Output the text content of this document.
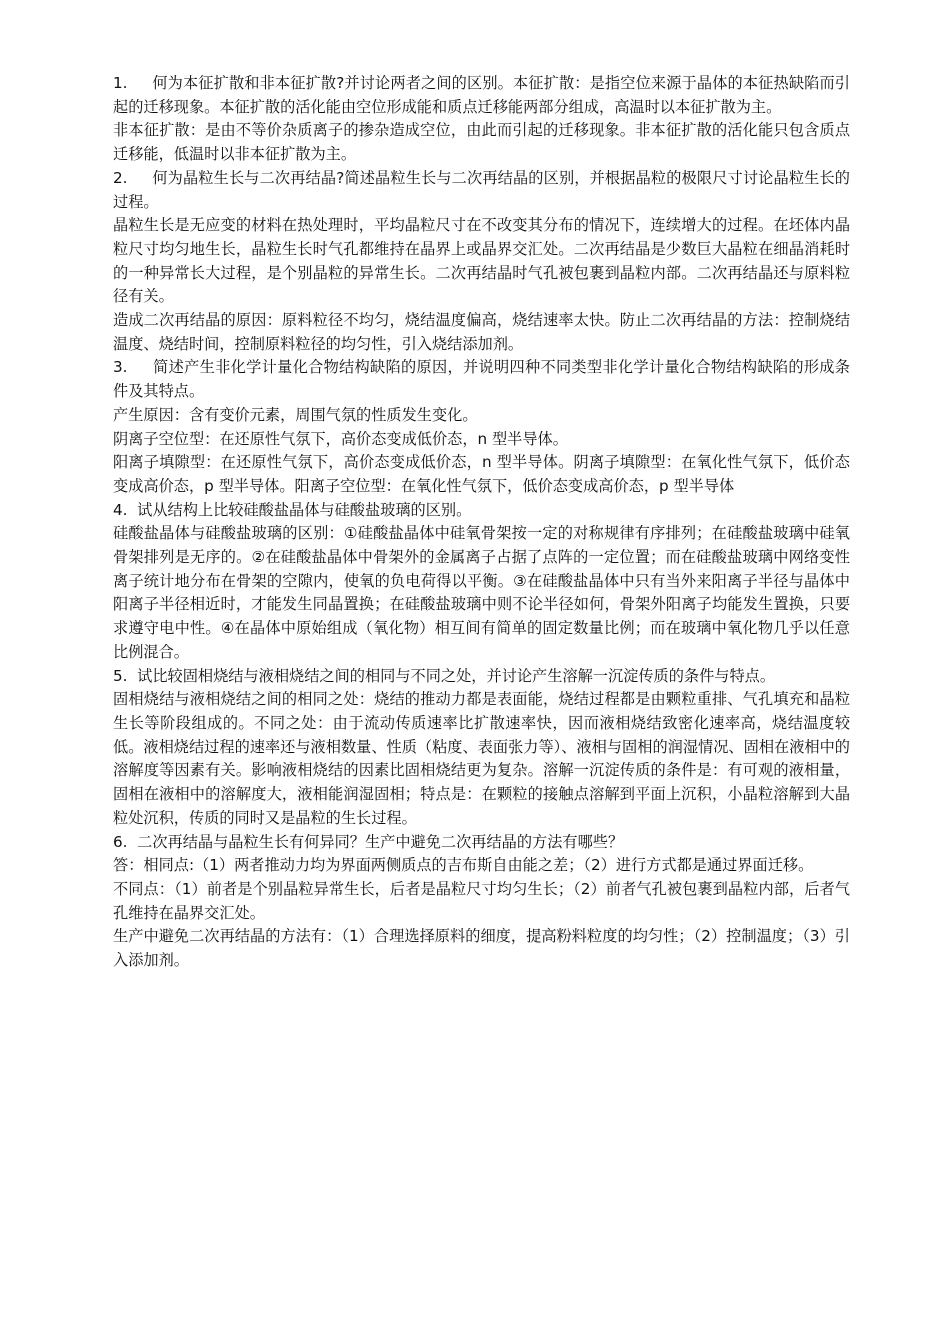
1.     何为本征扩散和非本征扩散?并讨论两者之间的区别。本征扩散：是指空位来源于晶体的本征热缺陷而引起的迁移现象。本征扩散的活化能由空位形成能和质点迁移能两部分组成，高温时以本征扩散为主。

非本征扩散：是由不等价杂质离子的掺杂造成空位，由此而引起的迁移现象。非本征扩散的活化能只包含质点迁移能，低温时以非本征扩散为主。

2.     何为晶粒生长与二次再结晶?简述晶粒生长与二次再结晶的区别，并根据晶粒的极限尺寸讨论晶粒生长的过程。

晶粒生长是无应变的材料在热处理时，平均晶粒尺寸在不改变其分布的情况下，连续增大的过程。在坯体内晶粒尺寸均匀地生长，晶粒生长时气孔都维持在晶界上或晶界交汇处。二次再结晶是少数巨大晶粒在细晶消耗时的一种异常长大过程，是个别晶粒的异常生长。二次再结晶时气孔被包裹到晶粒内部。二次再结晶还与原料粒径有关。

造成二次再结晶的原因：原料粒径不均匀，烧结温度偏高，烧结速率太快。防止二次再结晶的方法：控制烧结温度、烧结时间，控制原料粒径的均匀性，引入烧结添加剂。

3.     简述产生非化学计量化合物结构缺陷的原因，并说明四种不同类型非化学计量化合物结构缺陷的形成条件及其特点。

产生原因：含有变价元素，周围气氛的性质发生变化。

阴离子空位型：在还原性气氛下，高价态变成低价态，n 型半导体。

阳离子填隙型：在还原性气氛下，高价态变成低价态，n 型半导体。阴离子填隙型：在氧化性气氛下，低价态变成高价态，p 型半导体。阳离子空位型：在氧化性气氛下，低价态变成高价态，p 型半导体

4.  试从结构上比较硅酸盐晶体与硅酸盐玻璃的区别。

硅酸盐晶体与硅酸盐玻璃的区别：①硅酸盐晶体中硅氧骨架按一定的对称规律有序排列；在硅酸盐玻璃中硅氧骨架排列是无序的。②在硅酸盐晶体中骨架外的金属离子占据了点阵的一定位置；而在硅酸盐玻璃中网络变性离子统计地分布在骨架的空隙内，使氧的负电荷得以平衡。③在硅酸盐晶体中只有当外来阳离子半径与晶体中阳离子半径相近时，才能发生同晶置换；在硅酸盐玻璃中则不论半径如何，骨架外阳离子均能发生置换，只要求遵守电中性。④在晶体中原始组成（氧化物）相互间有简单的固定数量比例；而在玻璃中氧化物几乎以任意比例混合。

5.  试比较固相烧结与液相烧结之间的相同与不同之处，并讨论产生溶解一沉淀传质的条件与特点。

固相烧结与液相烧结之间的相同之处：烧结的推动力都是表面能，烧结过程都是由颗粒重排、气孔填充和晶粒生长等阶段组成的。不同之处：由于流动传质速率比扩散速率快，因而液相烧结致密化速率高，烧结温度较低。液相烧结过程的速率还与液相数量、性质（粘度、表面张力等）、液相与固相的润湿情况、固相在液相中的溶解度等因素有关。影响液相烧结的因素比固相烧结更为复杂。溶解一沉淀传质的条件是：有可观的液相量，固相在液相中的溶解度大，液相能润湿固相；特点是：在颗粒的接触点溶解到平面上沉积，小晶粒溶解到大晶粒处沉积，传质的同时又是晶粒的生长过程。

6.  二次再结晶与晶粒生长有何异同？生产中避免二次再结晶的方法有哪些？

答：相同点:（1）两者推动力均为界面两侧质点的吉布斯自由能之差；（2）进行方式都是通过界面迁移。

不同点：（1）前者是个别晶粒异常生长，后者是晶粒尺寸均匀生长；（2）前者气孔被包裹到晶粒内部，后者气孔维持在晶界交汇处。

生产中避免二次再结晶的方法有：（1）合理选择原料的细度，提高粉料粒度的均匀性；（2）控制温度；（3）引入添加剂。
